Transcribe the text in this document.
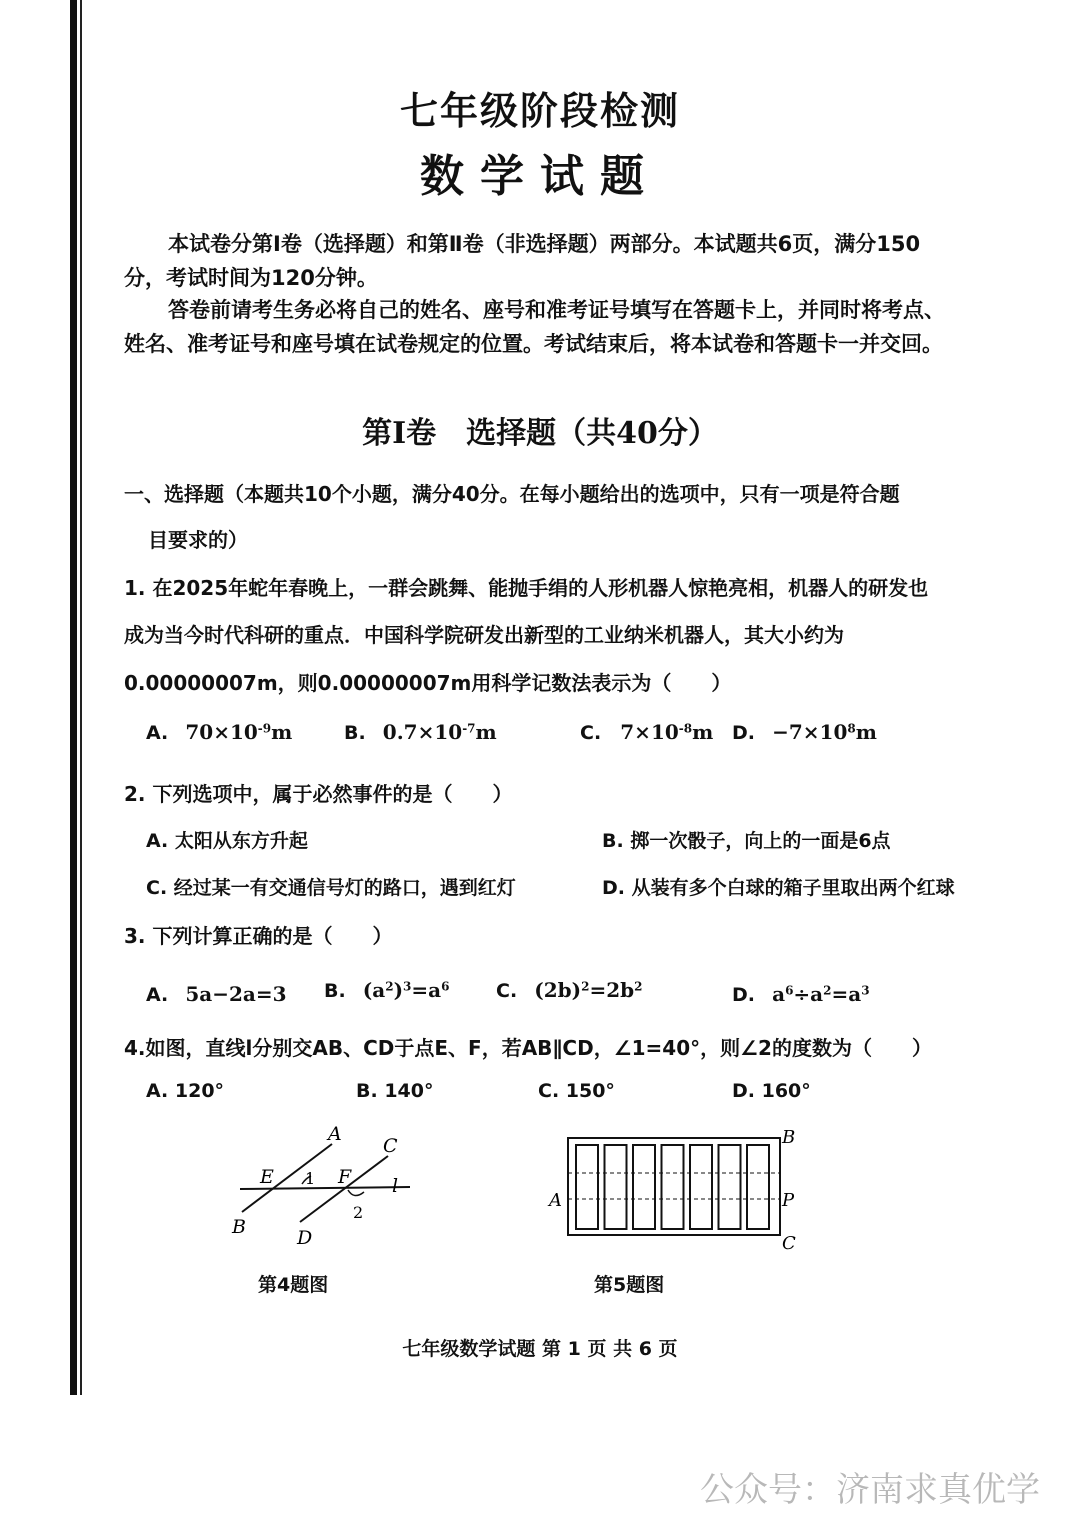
七年级阶段检测
数学试题
本试卷分第Ⅰ卷（选择题）和第Ⅱ卷（非选择题）两部分。本试题共6页，满分150
分，考试时间为120分钟。
答卷前请考生务必将自己的姓名、座号和准考证号填写在答题卡上，并同时将考点、
姓名、准考证号和座号填在试卷规定的位置。考试结束后，将本试卷和答题卡一并交回。
第Ⅰ卷　选择题（共40分）
一、选择题（本题共10个小题，满分40分。在每小题给出的选项中，只有一项是符合题
目要求的）
1. 在2025年蛇年春晚上，一群会跳舞、能抛手绢的人形机器人惊艳亮相，机器人的研发也
成为当今时代科研的重点．中国科学院研发出新型的工业纳米机器人，其大小约为
0.00000007m，则0.00000007m用科学记数法表示为（　　）
A. $70\times 10^{-9}m$	B. $0.7\times 10^{-7}m$	C. $7\times 10^{-8}m$ D. $-7\times 10^8m$
2. 下列选项中，属于必然事件的是（　　）
A. 太阳从东方升起	B. 掷一次骰子，向上的一面是6点
C. 经过某一有交通信号灯的路口，遇到红灯	D. 从装有多个白球的箱子里取出两个红球
3. 下列计算正确的是（　　）
A. 5a−2a=3 B. $(a^2)^3=a^6$ C. $(2b)^2=2b^2$	D. $a^6\div a^2=a^3$
4.如图，直线l分别交AB、CD于点E、F，若AB∥CD，∠1=40°，则∠2的度数为（　　）
A. 120°	B. 140°	C. 150°	D. 160°
A
B
C
D
E	F l
1
2
第4题图
A
B
C
P
第5题图
七年级数学试题 第 1 页 共 6 页
公众号：济南求真优学
